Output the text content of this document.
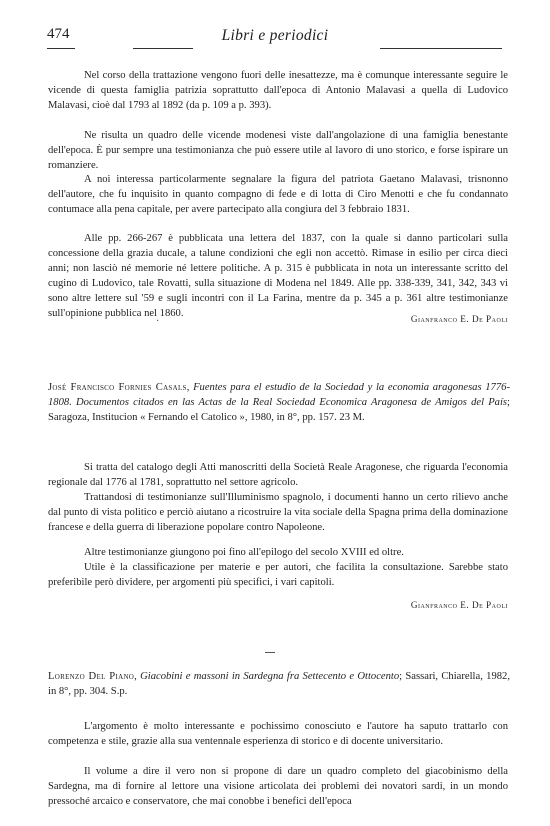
474	Libri e periodici

Nel corso della trattazione vengono fuori delle inesattezze, ma è comunque interessante seguire le vicende di questa famiglia patrizia soprattutto dall'epoca di Antonio Malavasi a quella di Ludovico Malavasi, cioè dal 1793 al 1892 (da p. 109 a p. 393).

Ne risulta un quadro delle vicende modenesi viste dall'angolazione di una famiglia benestante dell'epoca. È pur sempre una testimonianza che può essere utile al lavoro di uno storico, e forse ispirare un romanziere.

A noi interessa particolarmente segnalare la figura del patriota Gaetano Malavasi, trisnonno dell'autore, che fu inquisito in quanto compagno di fede e di lotta di Ciro Menotti e che fu condannato contumace alla pena capitale, per avere partecipato alla congiura del 3 febbraio 1831.

Alle pp. 266-267 è pubblicata una lettera del 1837, con la quale si danno particolari sulla concessione della grazia ducale, a talune condizioni che egli non accettò. Rimase in esilio per circa dieci anni; non lasciò né memorie né lettere politiche. A p. 315 è pubblicata in nota un interessante scritto del cugino di Ludovico, tale Rovatti, sulla situazione di Modena nel 1849. Alle pp. 338-339, 341, 342, 343 vi sono altre lettere sul '59 e sugli incontri con il La Farina, mentre da p. 345 a p. 361 altre testimonianze sull'opinione pubblica nel 1860.	Gianfranco E. De Paoli
·

José Francisco Fornies Casals, Fuentes para el estudio de la Sociedad y la economia aragonesas 1776-1808. Documentos citados en las Actas de la Real Sociedad Economica Aragonesa de Amigos del País; Saragoza, Institucion « Fernando el Catolico », 1980, in 8°, pp. 157. 23 M.

Si tratta del catalogo degli Atti manoscritti della Società Reale Aragonese, che riguarda l'economia regionale dal 1776 al 1781, soprattutto nel settore agricolo.

Trattandosi di testimonianze sull'Illuminismo spagnolo, i documenti hanno un certo rilievo anche dal punto di vista politico e perciò aiutano a ricostruire la vita sociale della Spagna prima della dominazione francese e della guerra di liberazione popolare contro Napoleone.

Altre testimonianze giungono poi fino all'epilogo del secolo XVIII ed oltre.

Utile è la classificazione per materie e per autori, che facilita la consultazione. Sarebbe stato preferibile però dividere, per argomenti più specifici, i vari capitoli.

Gianfranco E. De Paoli

Lorenzo Del Piano, Giacobini e massoni in Sardegna fra Settecento e Ottocento; Sassari, Chiarella, 1982, in 8°, pp. 304. S.p.

L'argomento è molto interessante e pochissimo conosciuto e l'autore ha saputo trattarlo con competenza e stile, grazie alla sua ventennale esperienza di storico e di docente universitario.

Il volume a dire il vero non si propone di dare un quadro completo del giacobinismo della Sardegna, ma di fornire al lettore una visione articolata dei problemi dei novatori sardi, in un mondo pressoché arcaico e conservatore, che mai conobbe i benefici dell'epoca
